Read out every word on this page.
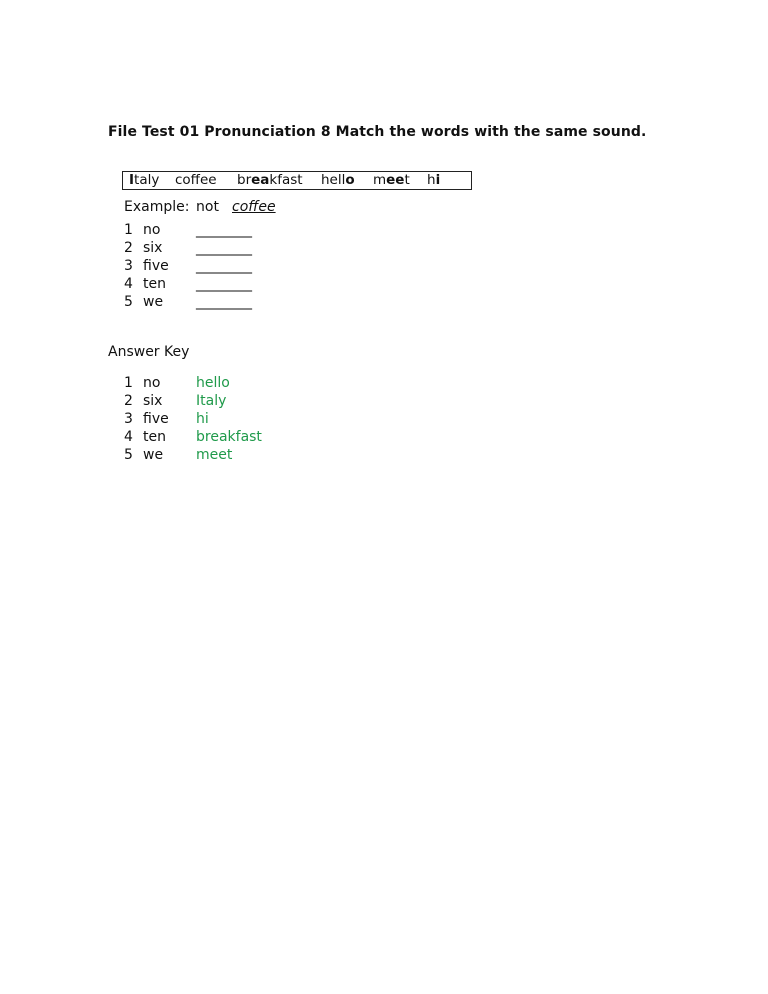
File Test 01 Pronunciation 8 Match the words with the same sound.
Italy coffee breakfast hello meet hi
Example: not coffee
1 no	________
2 six ________
3 five ________
4 ten ________
5 we ________
Answer Key
1 no	hello
2 six Italy
3 five hi
4 ten breakfast
5 we meet
